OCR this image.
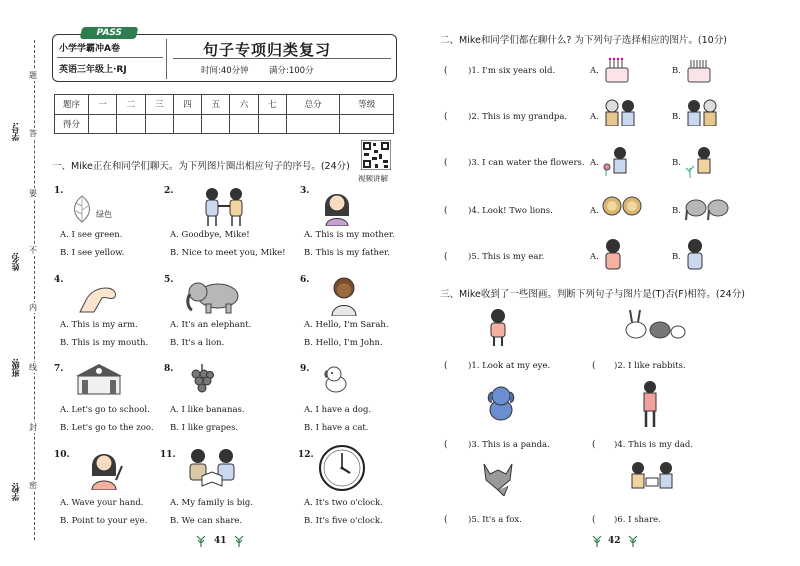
学号:
姓名:
班级:
学校:
题
答
要
不
内
线
封
密
PASS
小学学霸冲A卷
英语三年级上·RJ
句子专项归类复习
时间:40分钟 满分:100分
题序	一	二	三	四	五	六	七	总分	等级
得分									
视频讲解
一、Mike正在和同学们聊天。为下列图片圈出相应句子的序号。(24分)
1.
绿色
A. I see green.
B. I see yellow.
2.
A. Goodbye, Mike!
B. Nice to meet you, Mike!
3.
A. This is my mother.
B. This is my father.
4.
A. This is my arm.
B. This is my mouth.
5.
A. It's an elephant.
B. It's a lion.
6.
A. Hello, I'm Sarah.
B. Hello, I'm John.
7.
A. Let's go to school.
B. Let's go to the zoo.
8.
A. I like bananas.
B. I like grapes.
9.
A. I have a dog.
B. I have a cat.
10.
A. Wave your hand.
B. Point to your eye.
11.
A. My family is big.
B. We can share.
12.
A. It's two o'clock.
B. It's five o'clock.
41
二、Mike和同学们都在聊什么? 为下列句子选择相应的图片。(10分)
( )1. I'm six years old.	A.	B.
( )2. This is my grandpa.	A.	B.
( )3. I can water the flowers. A.	B.
( )4. Look! Two lions.	A.	B.
( )5. This is my ear.	A.	B.
三、Mike收到了一些图画。判断下列句子与图片是(T)否(F)相符。(24分)
( )1. Look at my eye.	( )2. I like rabbits.
( )3. This is a panda.	( )4. This is my dad.
( )5. It's a fox.	( )6. I share.
42
